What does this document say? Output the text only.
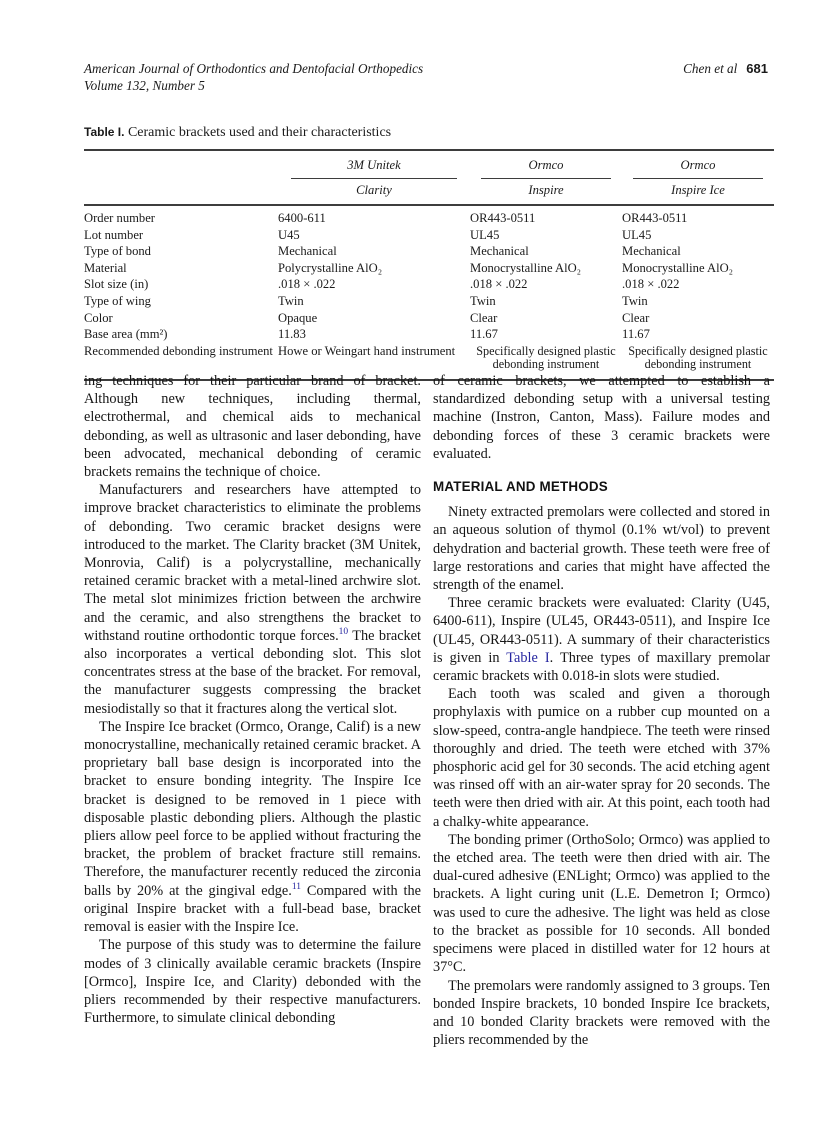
American Journal of Orthodontics and Dentofacial Orthopedics
Volume 132, Number 5
Chen et al 681

Table I. Ceramic brackets used and their characteristics

	3M Unitek	Ormco	Ormco

	Clarity	Inspire	Inspire Ice
Order number	6400-611	OR443-0511	OR443-0511
Lot number	U45	UL45	UL45
Type of bond	Mechanical	Mechanical	Mechanical
Material	Polycrystalline AlO₂	Monocrystalline AlO₂	Monocrystalline AlO₂
Slot size (in)	.018 × .022	.018 × .022	.018 × .022
Type of wing	Twin	Twin	Twin
Color	Opaque	Clear	Clear
Base area (mm²)	11.83	11.67	11.67
Recommended debonding instrument	Howe or Weingart hand instrument	Specifically designed plastic debonding instrument	Specifically designed plastic debonding instrument

ing techniques for their particular brand of bracket. Although new techniques, including thermal, electrothermal, and chemical aids to mechanical debonding, as well as ultrasonic and laser debonding, have been advocated, mechanical debonding of ceramic brackets remains the technique of choice.

Manufacturers and researchers have attempted to improve bracket characteristics to eliminate the problems of debonding. Two ceramic bracket designs were introduced to the market. The Clarity bracket (3M Unitek, Monrovia, Calif) is a polycrystalline, mechanically retained ceramic bracket with a metal-lined archwire slot. The metal slot minimizes friction between the archwire and the ceramic, and also strengthens the bracket to withstand routine orthodontic torque forces.$^{10}$ The bracket also incorporates a vertical debonding slot. This slot concentrates stress at the base of the bracket. For removal, the manufacturer suggests compressing the bracket mesiodistally so that it fractures along the vertical slot.

The Inspire Ice bracket (Ormco, Orange, Calif) is a new monocrystalline, mechanically retained ceramic bracket. A proprietary ball base design is incorporated into the bracket to ensure bonding integrity. The Inspire Ice bracket is designed to be removed in 1 piece with disposable plastic debonding pliers. Although the plastic pliers allow peel force to be applied without fracturing the bracket, the problem of bracket fracture still remains. Therefore, the manufacturer recently reduced the zirconia balls by 20% at the gingival edge.$^{11}$ Compared with the original Inspire bracket with a full-bead base, bracket removal is easier with the Inspire Ice.

The purpose of this study was to determine the failure modes of 3 clinically available ceramic brackets (Inspire [Ormco], Inspire Ice, and Clarity) debonded with the pliers recommended by their respective manufacturers. Furthermore, to simulate clinical debonding

of ceramic brackets, we attempted to establish a standardized debonding setup with a universal testing machine (Instron, Canton, Mass). Failure modes and debonding forces of these 3 ceramic brackets were evaluated.

MATERIAL AND METHODS

Ninety extracted premolars were collected and stored in an aqueous solution of thymol (0.1% wt/vol) to prevent dehydration and bacterial growth. These teeth were free of large restorations and caries that might have affected the strength of the enamel.

Three ceramic brackets were evaluated: Clarity (U45, 6400-611), Inspire (UL45, OR443-0511), and Inspire Ice (UL45, OR443-0511). A summary of their characteristics is given in Table I. Three types of maxillary premolar ceramic brackets with 0.018-in slots were studied.

Each tooth was scaled and given a thorough prophylaxis with pumice on a rubber cup mounted on a slow-speed, contra-angle handpiece. The teeth were rinsed thoroughly and dried. The teeth were etched with 37% phosphoric acid gel for 30 seconds. The acid etching agent was rinsed off with an air-water spray for 20 seconds. The teeth were then dried with air. At this point, each tooth had a chalky-white appearance.

The bonding primer (OrthoSolo; Ormco) was applied to the etched area. The teeth were then dried with air. The dual-cured adhesive (ENLight; Ormco) was applied to the brackets. A light curing unit (L.E. Demetron I; Ormco) was used to cure the adhesive. The light was held as close to the bracket as possible for 10 seconds. All bonded specimens were placed in distilled water for 12 hours at 37°C.

The premolars were randomly assigned to 3 groups. Ten bonded Inspire brackets, 10 bonded Inspire Ice brackets, and 10 bonded Clarity brackets were removed with the pliers recommended by the
